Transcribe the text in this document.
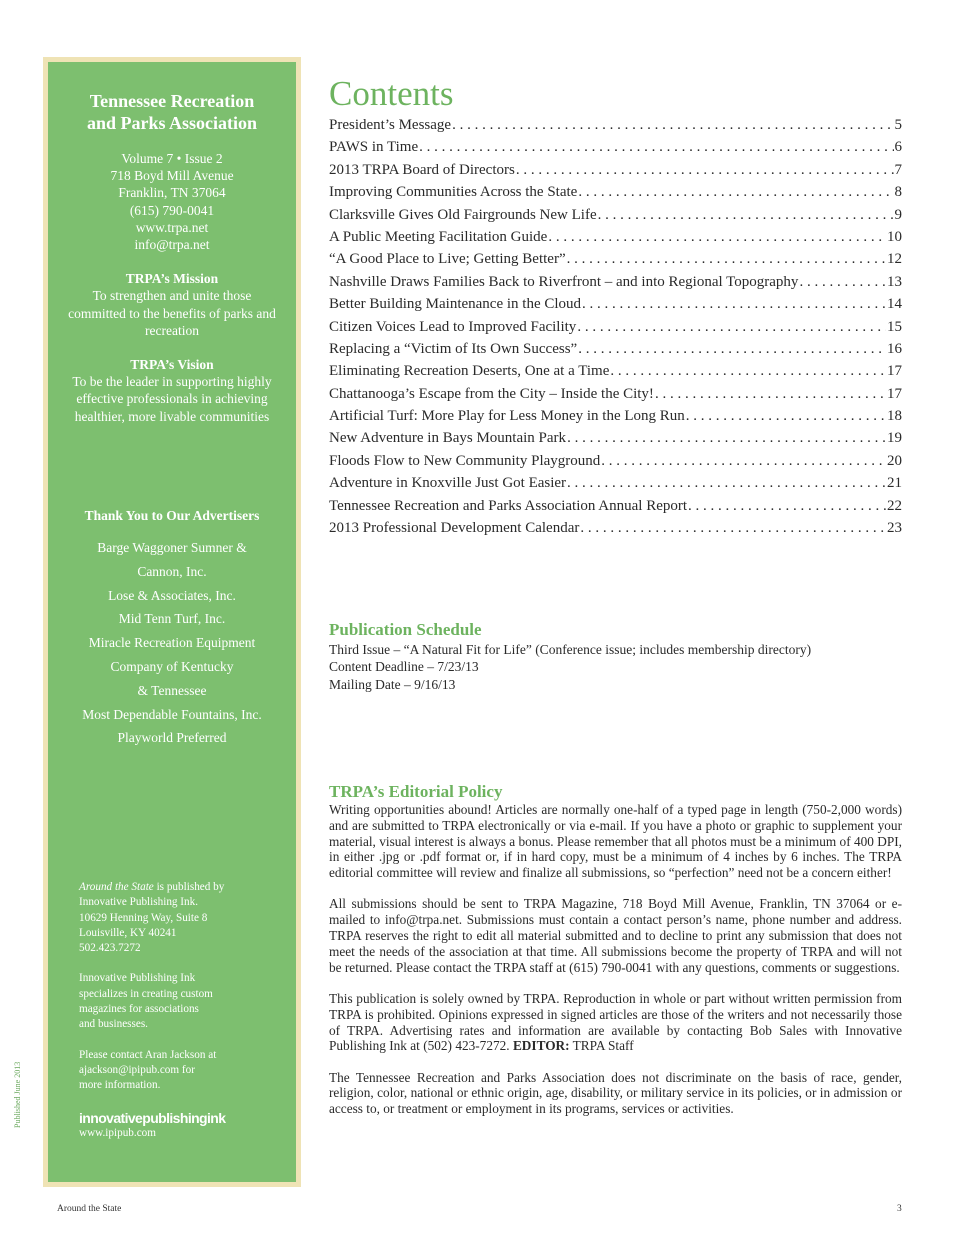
Tennessee Recreation
and Parks Association
Volume 7 • Issue 2
718 Boyd Mill Avenue
Franklin, TN 37064
(615) 790-0041
www.trpa.net
info@trpa.net
TRPA’s Mission
To strengthen and unite those committed to the benefits of parks and recreation
TRPA’s Vision
To be the leader in supporting highly effective professionals in achieving healthier, more livable communities
Thank You to Our Advertisers
Barge Waggoner Sumner &
Cannon, Inc.
Lose & Associates, Inc.
Mid Tenn Turf, Inc.
Miracle Recreation Equipment
Company of Kentucky
& Tennessee
Most Dependable Fountains, Inc.
Playworld Preferred

Around the State is published by
Innovative Publishing Ink.
10629 Henning Way, Suite 8
Louisville, KY 40241
502.423.7272

Innovative Publishing Ink
specializes in creating custom
magazines for associations
and businesses.

Please contact Aran Jackson at
ajackson@ipipub.com for
more information.

innovativepublishingink
www.ipipub.com
Published June 2013
Contents
President’s Message . . .	5
PAWS in Time . . .	6
2013 TRPA Board of Directors . . .	7
Improving Communities Across the State . . .	8
Clarksville Gives Old Fairgrounds New Life . . .	9
A Public Meeting Facilitation Guide . . .	10
“A Good Place to Live; Getting Better” . . .	12
Nashville Draws Families Back to Riverfront – and into Regional Topography . . .	13
Better Building Maintenance in the Cloud . . .	14
Citizen Voices Lead to Improved Facility . . .	15
Replacing a “Victim of Its Own Success” . . .	16
Eliminating Recreation Deserts, One at a Time . . .	17
Chattanooga’s Escape from the City – Inside the City! . . .	17
Artificial Turf: More Play for Less Money in the Long Run . . .	18
New Adventure in Bays Mountain Park . . .	19
Floods Flow to New Community Playground . . .	20
Adventure in Knoxville Just Got Easier . . .	21
Tennessee Recreation and Parks Association Annual Report . . .	22
2013 Professional Development Calendar . . .	23
Publication Schedule
Third Issue – “A Natural Fit for Life” (Conference issue; includes membership directory)
Content Deadline – 7/23/13
Mailing Date – 9/16/13
TRPA’s Editorial Policy

Writing opportunities abound! Articles are normally one-half of a typed page in length (750-2,000 words) and are submitted to TRPA electronically or via e-mail. If you have a photo or graphic to supplement your material, visual interest is always a bonus. Please remember that all photos must be a minimum of 400 DPI, in either .jpg or .pdf format or, if in hard copy, must be a minimum of 4 inches by 6 inches. The TRPA editorial committee will review and finalize all submissions, so “perfection” need not be a concern either!

All submissions should be sent to TRPA Magazine, 718 Boyd Mill Avenue, Franklin, TN 37064 or e-mailed to info@trpa.net. Submissions must contain a contact person’s name, phone number and address. TRPA reserves the right to edit all material submitted and to decline to print any submission that does not meet the needs of the association at that time. All submissions become the property of TRPA and will not be returned. Please contact the TRPA staff at (615) 790-0041 with any questions, comments or suggestions.

This publication is solely owned by TRPA. Reproduction in whole or part without written permission from TRPA is prohibited. Opinions expressed in signed articles are those of the writers and not necessarily those of TRPA. Advertising rates and information are available by contacting Bob Sales with Innovative Publishing Ink at (502) 423-7272. EDITOR: TRPA Staff

The Tennessee Recreation and Parks Association does not discriminate on the basis of race, gender, religion, color, national or ethnic origin, age, disability, or military service in its policies, or in admission or access to, or treatment or employment in its programs, services or activities.

Around the State	3
